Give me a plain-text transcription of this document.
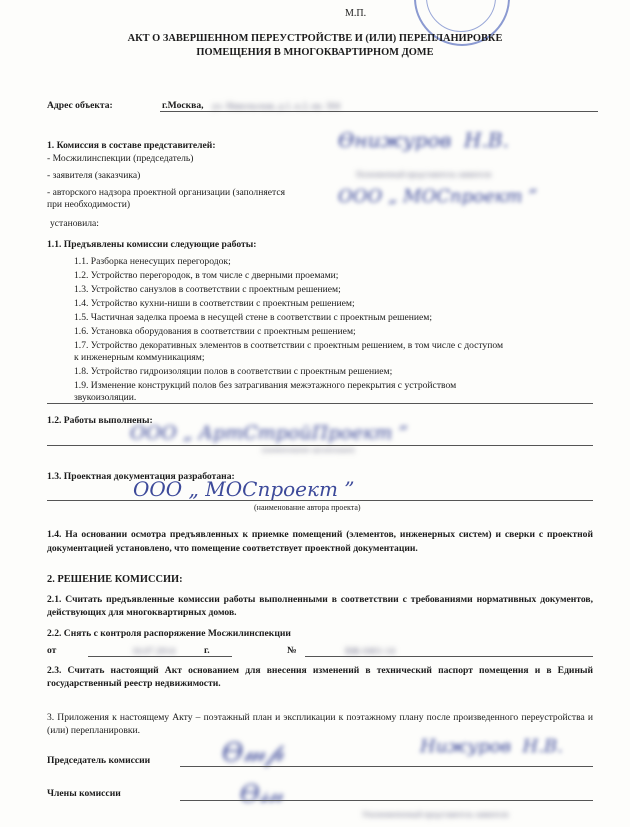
М.П.
АКТ О ЗАВЕРШЕННОМ ПЕРЕУСТРОЙСТВЕ И (ИЛИ) ПЕРЕПЛАНИРОВКЕ
ПОМЕЩЕНИЯ В МНОГОКВАРТИРНОМ ДОМЕ
Адрес объекта:	г.Москва, ул. Никольская, д.1, к.2, кв. 304
1. Комиссия в составе представителей:
- Мосжилинспекции (председатель)
- заявителя (заказчика)
- авторского надзора проектной организации (заполняется
при необходимости)
Ѳнижуров  Н.В.
Полномочный представитель заявителя
ООО „ МОСпроект ”
установила:
1.1. Предъявлены комиссии следующие работы:
1.1. Разборка ненесущих перегородок;
1.2. Устройство перегородок, в том числе с дверными проемами;
1.3. Устройство санузлов в соответствии с проектным решением;
1.4. Устройство кухни-ниши в соответствии с проектным решением;
1.5. Частичная заделка проема в несущей стене в соответствии с проектным решением;
1.6. Установка оборудования в соответствии с проектным решением;
1.7. Устройство декоративных элементов в соответствии с проектным решением, в том числе с доступом
к инженерным коммуникациям;
1.8. Устройство гидроизоляции полов в соответствии с проектным решением;
1.9. Изменение конструкций полов без затрагивания межэтажного перекрытия с устройством
звукоизоляции.
1.2. Работы выполнены:
ООО „ АртСтройПроект ”
(наименование организации)
1.3. Проектная документация разработана:
ООО „ МОСпроект ”
(наименование автора проекта)
1.4. На основании осмотра предъявленных к приемке помещений (элементов, инженерных систем) и сверки с проектной документацией установлено, что помещение соответствует проектной документации.
2. РЕШЕНИЕ КОМИССИИ:
2.1. Считать предъявленные комиссии работы выполненными в соответствии с требованиями нормативных документов, действующих для многоквартирных домов.
2.2. Снять с контроля распоряжение Мосжилинспекции
от	16.07.2014	г.	№	ВЖ-0401-14
2.3. Считать настоящий Акт основанием для внесения изменений в технический паспорт помещения и в Единый государственный реестр недвижимости.
3. Приложения к настоящему Акту – поэтажный план и экспликации к поэтажному плану после произведенного переустройства и (или) перепланировки.
Председатель комиссии	Ѳ𝓂𝓅	Нижуров  Н.В.
Члены комиссии	Ѳ𝓈𝓃
Уполномоченный представитель заявителя
